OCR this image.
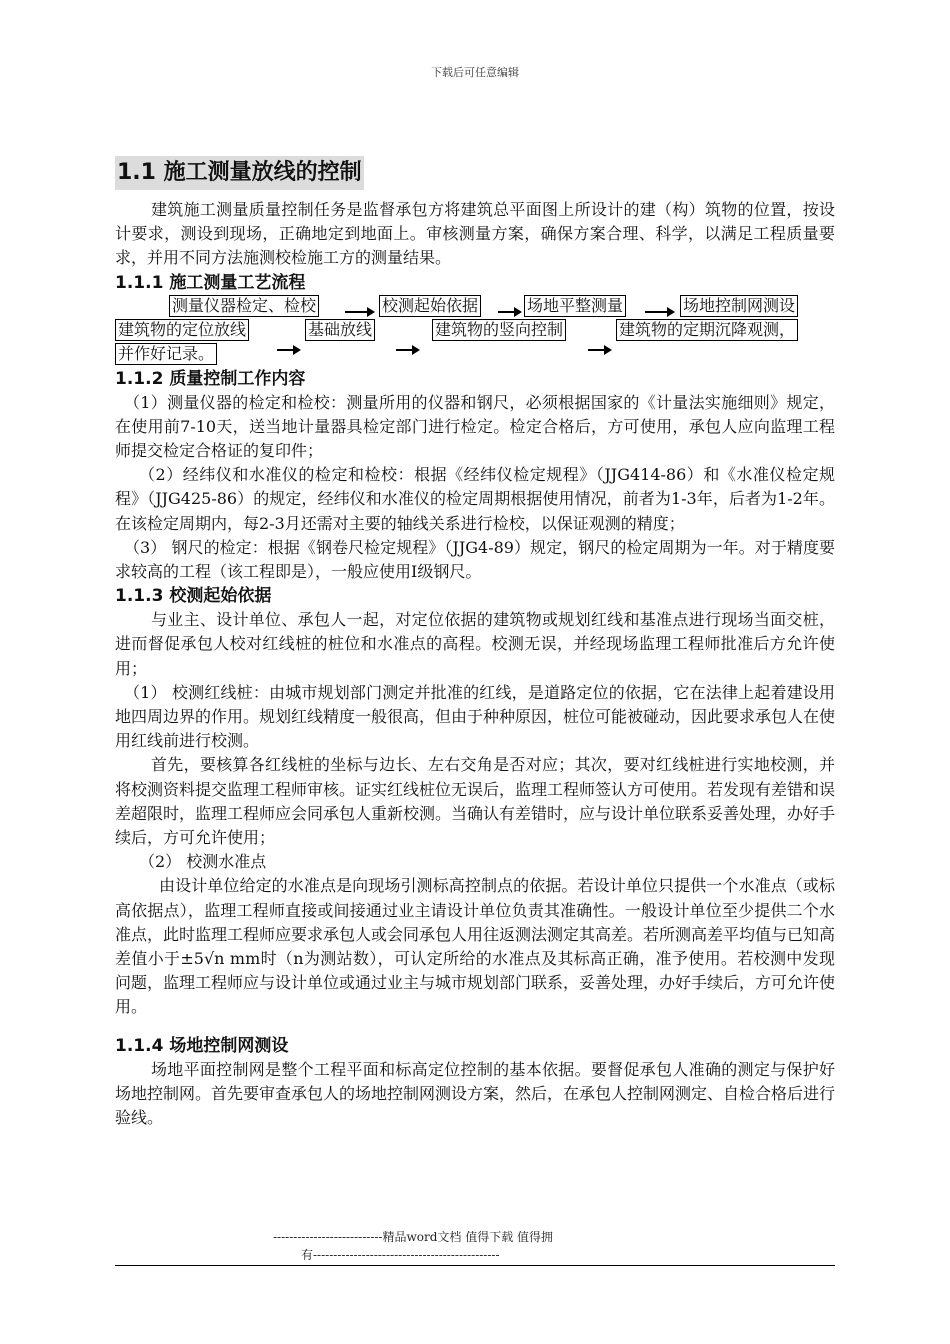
下载后可任意编辑
1.1 施工测量放线的控制

建筑施工测量质量控制任务是监督承包方将建筑总平面图上所设计的建（构）筑物的位置，按设计要求，测设到现场，正确地定到地面上。审核测量方案，确保方案合理、科学，以满足工程质量要求，并用不同方法施测校检施工方的测量结果。

1.1.1 施工测量工艺流程
测量仪器检定、检校	校测起始依据	场地平整测量	场地控制网测设
建筑物的定位放线	基础放线	建筑物的竖向控制	建筑物的定期沉降观测，
并作好记录。
1.1.2 质量控制工作内容

（1）测量仪器的检定和检校：测量所用的仪器和钢尺，必须根据国家的《计量法实施细则》规定，在使用前7-10天，送当地计量器具检定部门进行检定。检定合格后，方可使用，承包人应向监理工程师提交检定合格证的复印件；

（2）经纬仪和水准仪的检定和检校：根据《经纬仪检定规程》（JJG414-86）和《水准仪检定规程》（JJG425-86）的规定，经纬仪和水准仪的检定周期根据使用情况，前者为1-3年，后者为1-2年。在该检定周期内，每2-3月还需对主要的轴线关系进行检校，以保证观测的精度；

（3） 钢尺的检定：根据《钢卷尺检定规程》（JJG4-89）规定，钢尺的检定周期为一年。对于精度要求较高的工程（该工程即是），一般应使用Ⅰ级钢尺。

1.1.3 校测起始依据

与业主、设计单位、承包人一起，对定位依据的建筑物或规划红线和基准点进行现场当面交桩，进而督促承包人校对红线桩的桩位和水准点的高程。校测无误，并经现场监理工程师批准后方允许使用；

（1） 校测红线桩：由城市规划部门测定并批准的红线，是道路定位的依据，它在法律上起着建设用地四周边界的作用。规划红线精度一般很高，但由于种种原因，桩位可能被碰动，因此要求承包人在使用红线前进行校测。

首先，要核算各红线桩的坐标与边长、左右交角是否对应；其次，要对红线桩进行实地校测，并将校测资料提交监理工程师审核。证实红线桩位无误后，监理工程师签认方可使用。若发现有差错和误差超限时，监理工程师应会同承包人重新校测。当确认有差错时，应与设计单位联系妥善处理，办好手续后，方可允许使用；

（2） 校测水准点

由设计单位给定的水准点是向现场引测标高控制点的依据。若设计单位只提供一个水准点（或标高依据点），监理工程师直接或间接通过业主请设计单位负责其准确性。一般设计单位至少提供二个水准点，此时监理工程师应要求承包人或会同承包人用往返测法测定其高差。若所测高差平均值与已知高差值小于±5√n mm时（n为测站数），可认定所给的水准点及其标高正确，准予使用。若校测中发现问题，监理工程师应与设计单位或通过业主与城市规划部门联系，妥善处理，办好手续后，方可允许使用。

1.1.4 场地控制网测设

场地平面控制网是整个工程平面和标高定位控制的基本依据。要督促承包人准确的测定与保护好场地控制网。首先要审查承包人的场地控制网测设方案，然后，在承包人控制网测定、自检合格后进行验线。

---------------------------精品word文档 值得下载 值得拥
有----------------------------------------------
